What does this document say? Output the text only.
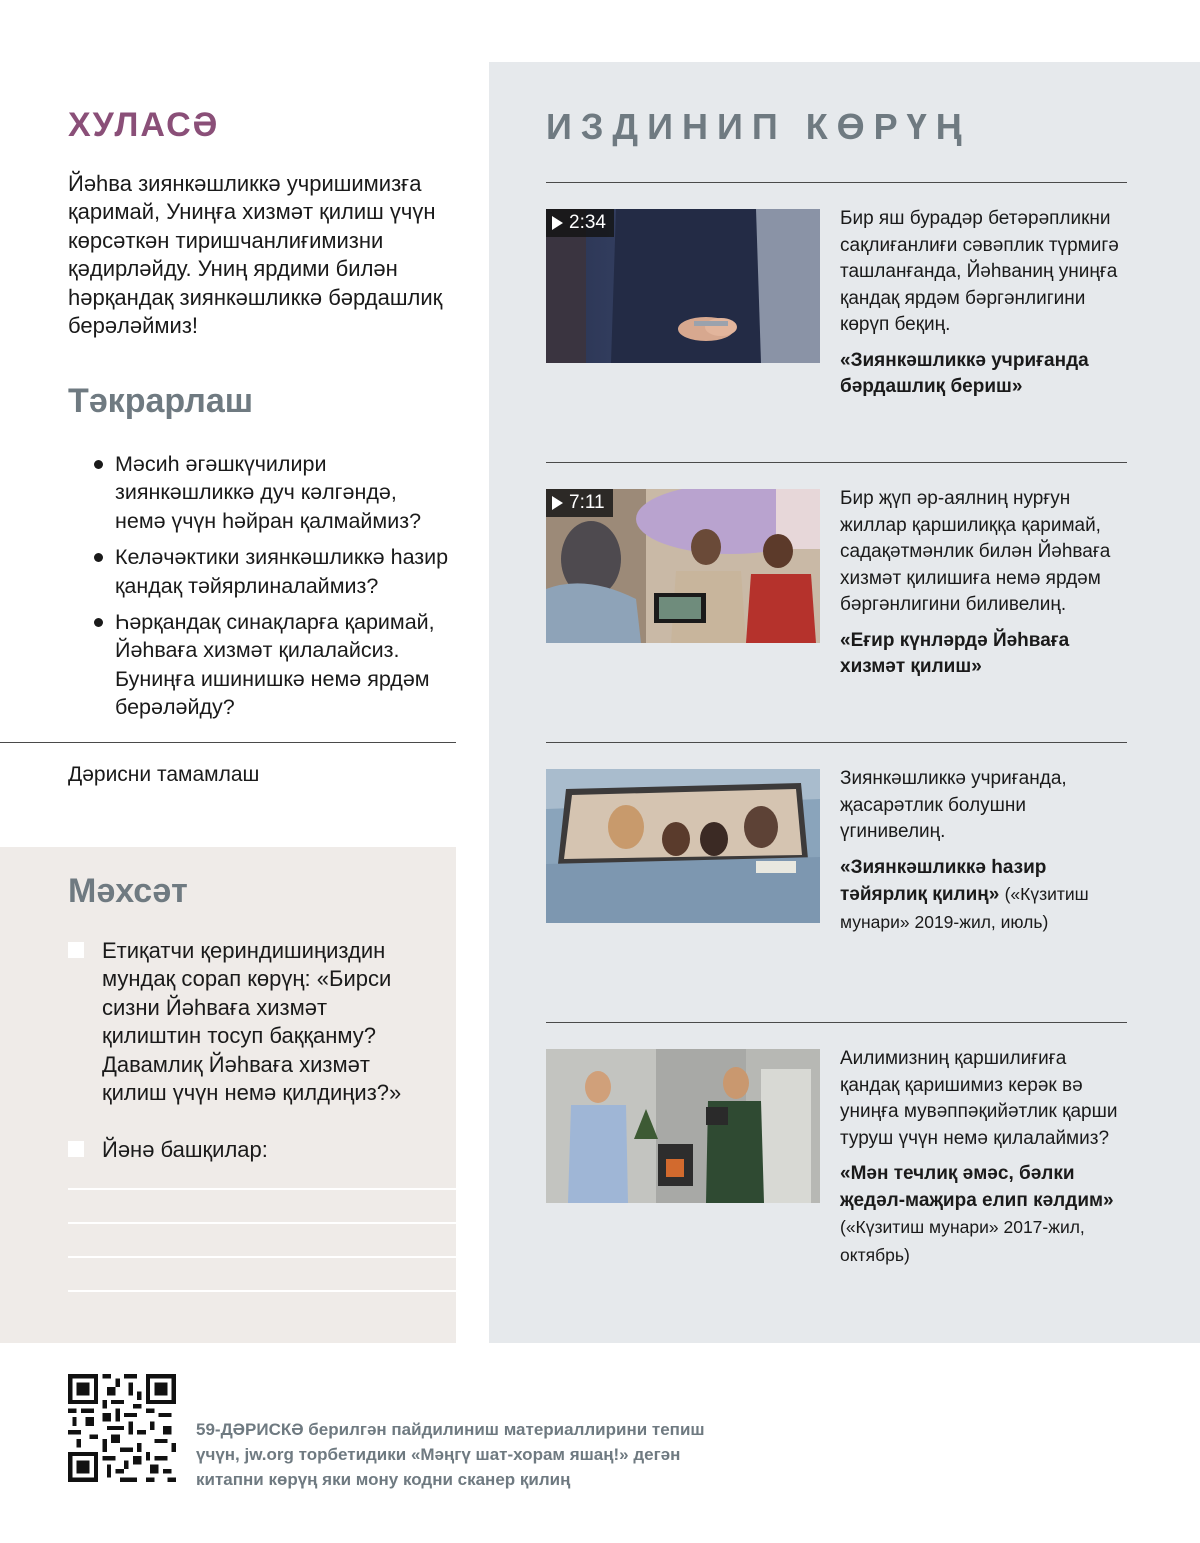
ХУЛАСӘ

Йәһва зиянкәшликкә учришимизға қаримай, Униңға хизмәт қилиш үчүн көрсәткән тиришчанлиғимизни қәдирләйду. Униң ярдими билән һәрқандақ зиянкәшликкә бәрдашлиқ берәләймиз!

Тәкрарлаш
Мәсиһ әгәшкүчилири зиянкәшликкә дуч кәлгәндә, немә үчүн һәйран қалмаймиз?
Келәчәктики зиянкәшликкә һазир қандақ тәйярлиналаймиз?
Һәрқандақ синақларға қаримай, Йәһваға хизмәт қилалайсиз. Буниңға ишинишкә немә ярдәм берәләйду?
Дәрисни тамамлаш
Мәхсәт
Етиқатчи қериндишиңиздин мундақ сорап көрүң: «Бирси сизни Йәһваға хизмәт қилиштин тосуп баққанму? Давамлиқ Йәһваға хизмәт қилиш үчүн немә қилдиңиз?»
Йәнә башқилар:
ИЗДИНИП КӨРҮҢ
2:34	Бир яш бурадәр бетәрәпликни сақлиғанлиғи сәвәплик түрмигә ташланғанда, Йәһваниң униңға қандақ ярдәм бәргәнлигини көрүп беқиң.

«Зиянкәшликкә учриғанда бәрдашлиқ бериш»

7:11	Бир җүп әр-аялниң нурғун жиллар қаршилиққа қаримай, садақәтмәнлик билән Йәһваға хизмәт қилишиға немә ярдәм бәргәнлигини биливелиң.

«Еғир күнләрдә Йәһваға хизмәт қилиш»

Зиянкәшликкә учриғанда, җасарәтлик болушни үгинивелиң.

«Зиянкәшликкә һазир тәйярлиқ қилиң» («Күзитиш мунари» 2019-жил, июль)

Аилимизниң қаршилиғиға қандақ қаришимиз керәк вә униңға мувәппәқийәтлик қарши туруш үчүн немә қилалаймиз?

«Мән течлиқ әмәс, бәлки җедәл-маҗира елип кәлдим» («Күзитиш мунари» 2017-жил, октябрь)

59-ДӘРИСКӘ берилгән пайдилиниш материаллирини тепиш үчүн, jw.org торбетидики «Мәңгү шат-хорам яшаң!» дегән китапни көрүң яки мону кодни сканер қилиң
